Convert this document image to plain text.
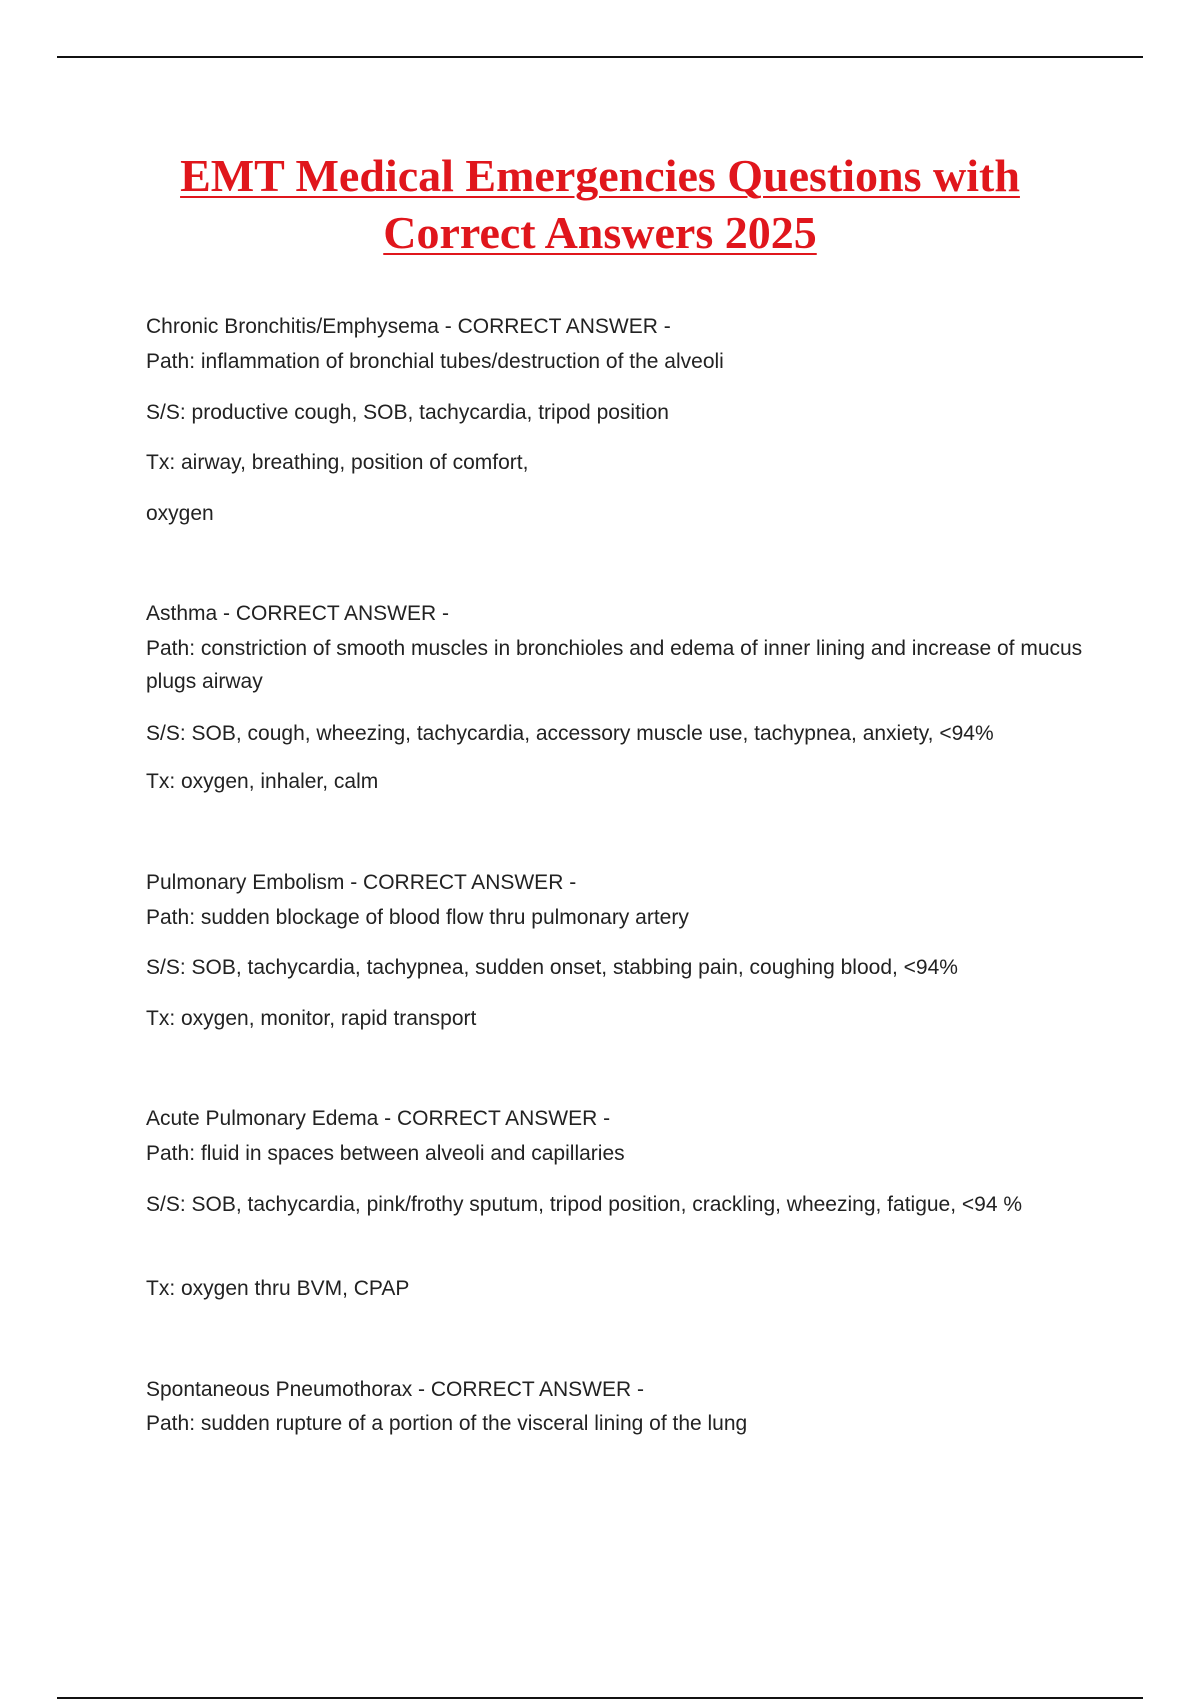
EMT Medical Emergencies Questions with
Correct Answers 2025
Chronic Bronchitis/Emphysema - CORRECT ANSWER -
Path: inflammation of bronchial tubes/destruction of the alveoli
S/S: productive cough, SOB, tachycardia, tripod position
Tx: airway, breathing, position of comfort,
oxygen
Asthma - CORRECT ANSWER -
Path: constriction of smooth muscles in bronchioles and edema of inner lining and increase of mucus plugs airway
S/S: SOB, cough, wheezing, tachycardia, accessory muscle use, tachypnea, anxiety, <94%
Tx: oxygen, inhaler, calm
Pulmonary Embolism - CORRECT ANSWER -
Path: sudden blockage of blood flow thru pulmonary artery
S/S: SOB, tachycardia, tachypnea, sudden onset, stabbing pain, coughing blood, <94%
Tx: oxygen, monitor, rapid transport
Acute Pulmonary Edema - CORRECT ANSWER -
Path: fluid in spaces between alveoli and capillaries
S/S: SOB, tachycardia, pink/frothy sputum, tripod position, crackling, wheezing, fatigue, <94 %
Tx: oxygen thru BVM, CPAP
Spontaneous Pneumothorax - CORRECT ANSWER -
Path: sudden rupture of a portion of the visceral lining of the lung
